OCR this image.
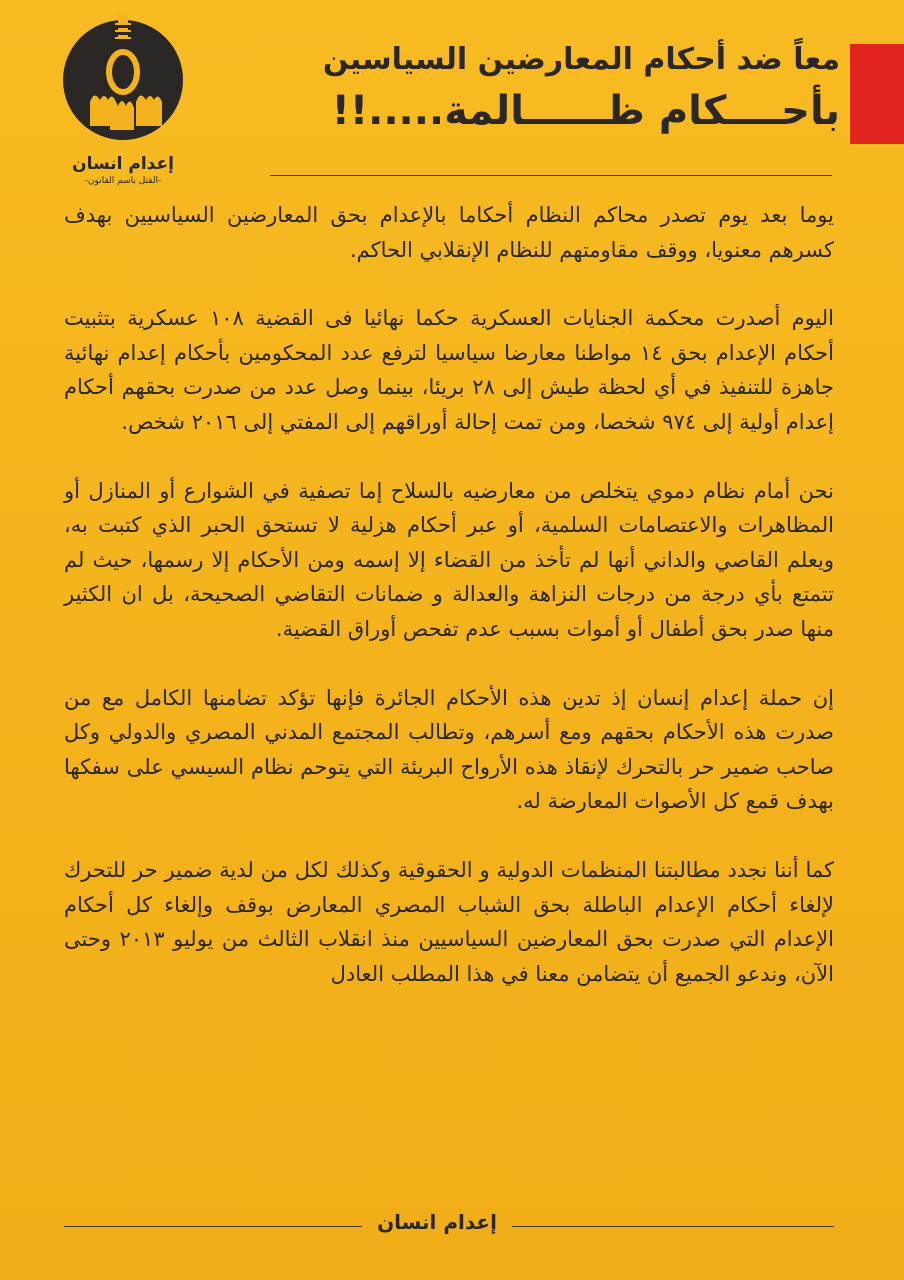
إعدام انسان
-القتل باسم القانون-
معاً ضد أحكام المعارضين السياسين
بأحــــكام ظــــــالمة.....!!

يوما بعد يوم تصدر محاكم النظام أحكاما بالإعدام بحق المعارضين السياسيين بهدف كسرهم معنويا، ووقف مقاومتهم للنظام الإنقلابي الحاكم.

اليوم أصدرت محكمة الجنايات العسكرية حكما نهائيا فى القضية ١٠٨ عسكرية بتثبيت أحكام الإعدام بحق ١٤ مواطنا معارضا سياسيا لترفع عدد المحكومين بأحكام إعدام نهائية جاهزة للتنفيذ في أي لحظة طيش إلى ٢٨ بريئا، بينما وصل عدد من صدرت بحقهم أحكام إعدام أولية إلى ٩٧٤ شخصا، ومن تمت إحالة أوراقهم إلى المفتي إلى ٢٠١٦ شخص.

نحن أمام نظام دموي يتخلص من معارضيه بالسلاح إما تصفية في الشوارع أو المنازل أو المظاهرات والاعتصامات السلمية، أو عبر أحكام هزلية لا تستحق الحبر الذي كتبت به، ويعلم القاصي والداني أنها لم تأخذ من القضاء إلا إسمه ومن الأحكام إلا رسمها، حيث لم تتمتع بأي درجة من درجات النزاهة والعدالة و ضمانات التقاضي الصحيحة، بل ان الكثير منها صدر بحق أطفال أو أموات بسبب عدم تفحص أوراق القضية.

إن حملة إعدام إنسان إذ تدين هذه الأحكام الجائرة فإنها تؤكد تضامنها الكامل مع من صدرت هذه الأحكام بحقهم ومع أسرهم، وتطالب المجتمع المدني المصري والدولي وكل صاحب ضمير حر بالتحرك لإنقاذ هذه الأرواح البريئة التي يتوحم نظام السيسي على سفكها بهدف قمع كل الأصوات المعارضة له.

كما أننا نجدد مطالبتنا المنظمات الدولية و الحقوقية وكذلك لكل من لدية ضمير حر للتحرك لإلغاء أحكام الإعدام الباطلة بحق الشباب المصري المعارض بوقف وإلغاء كل أحكام الإعدام التي صدرت بحق المعارضين السياسيين منذ انقلاب الثالث من يوليو ٢٠١٣ وحتى الآن، وندعو الجميع أن يتضامن معنا في هذا المطلب العادل

إعدام انسان
